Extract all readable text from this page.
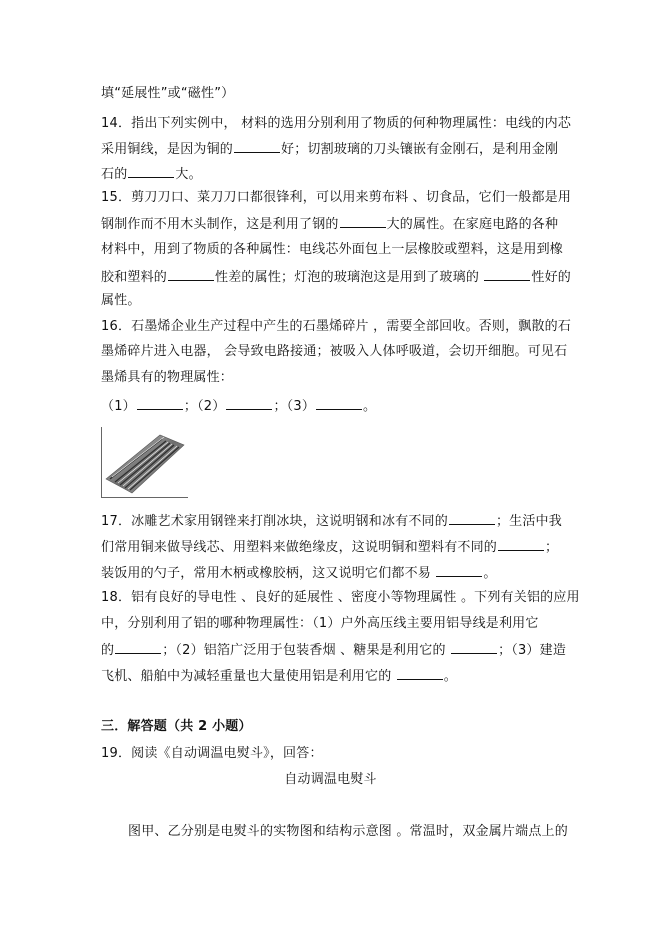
填“延展性”或“磁性”）
14．指出下列实例中， 材料的选用分别利用了物质的何种物理属性：电线的内芯
采用铜线，是因为铜的	好；切割玻璃的刀头镶嵌有金刚石，是利用金刚
石的	大。
15．剪刀刀口、菜刀刀口都很锋利，可以用来剪布料 、切食品，它们一般都是用
钢制作而不用木头制作，这是利用了钢的	大的属性。在家庭电路的各种
材料中，用到了物质的各种属性：电线芯外面包上一层橡胶或塑料，这是用到橡
胶和塑料的	性差的属性；灯泡的玻璃泡这是用到了玻璃的	性好的
属性。
16．石墨烯企业生产过程中产生的石墨烯碎片 ，需要全部回收。否则，飘散的石
墨烯碎片进入电器， 会导致电路接通；被吸入人体呼吸道，会切开细胞。可见石
墨烯具有的物理属性：
（1）	；（2）	；（3）	。
17．冰雕艺术家用钢锉来打削冰块，这说明钢和冰有不同的	；生活中我
们常用铜来做导线芯、用塑料来做绝缘皮，这说明铜和塑料有不同的	；
装饭用的勺子，常用木柄或橡胶柄，这又说明它们都不易	。
18．铝有良好的导电性 、良好的延展性 、密度小等物理属性 。下列有关铝的应用
中，分别利用了铝的哪种物理属性：（1）户外高压线主要用铝导线是利用它
的	；（2）铝箔广泛用于包装香烟 、糖果是利用它的	；（3）建造
飞机、船舶中为减轻重量也大量使用铝是利用它的	。
三．解答题（共 2 小题）
19．阅读《自动调温电熨斗》，回答：
自动调温电熨斗
图甲、乙分别是电熨斗的实物图和结构示意图 。常温时，双金属片端点上的
